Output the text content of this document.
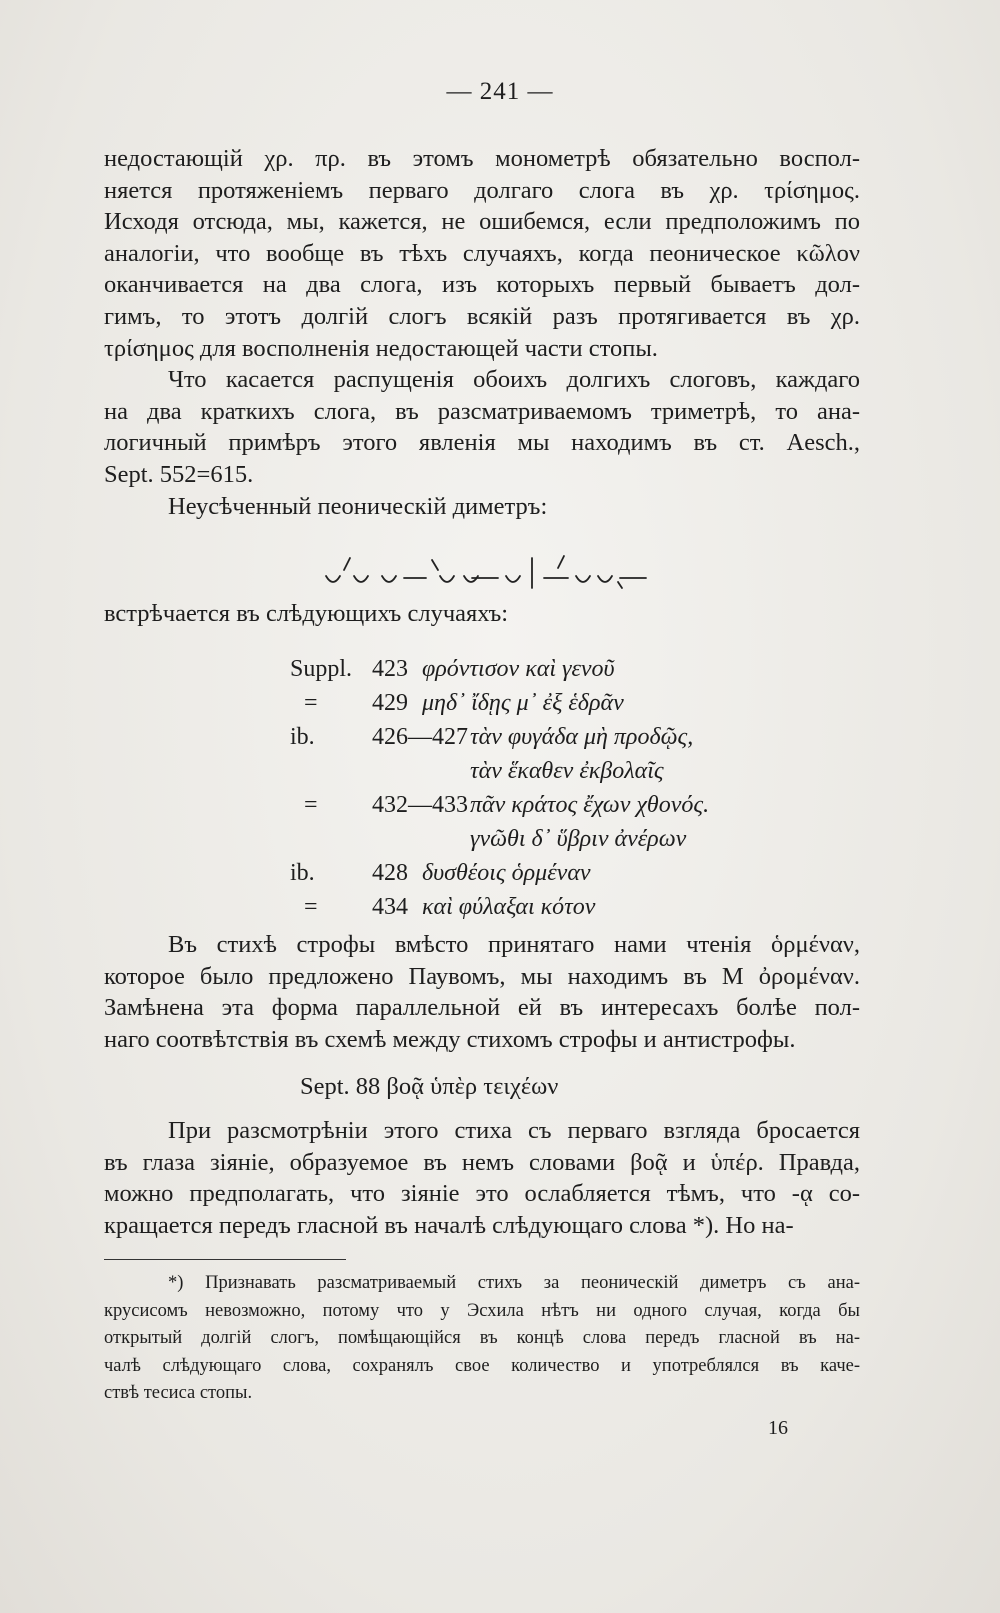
— 241 —

недостающій χρ. πρ. въ этомъ монометрѣ обязательно воспол-
няется протяженіемъ перваго долгаго слога въ χρ. τρίσημος.
Исходя отсюда, мы, кажется, не ошибемся, если предположимъ по
аналогіи, что вообще въ тѣхъ случаяхъ, когда пеоническое κῶλον
оканчивается на два слога, изъ которыхъ первый бываетъ дол-
гимъ, то этотъ долгій слогъ всякій разъ протягивается въ χρ.
τρίσημος для восполненія недостающей части стопы.

Что касается распущенія обоихъ долгихъ слоговъ, каждаго
на два краткихъ слога, въ разсматриваемомъ триметрѣ, то ана-
логичный примѣръ этого явленія мы находимъ въ ст. Aesch.,
Sept. 552=615.

Неусѣченный пеоническій диметръ:

встрѣчается въ слѣдующихъ случаяхъ:

Suppl. 423 φρόντισον καὶ γενοῦ
=	429 μηδ᾽ ἴδῃς μ᾽ ἐξ ἑδρᾶν
ib.	426—427 τὰν φυγάδα μὴ προδῷς,
τὰν ἕκαθεν ἐκβολαῖς
=	432—433 πᾶν κράτος ἔχων χθονός.
γνῶθι δ᾽ ὕβριν ἀνέρων
ib.	428 δυσθέοις ὁρμέναν
=	434 καὶ φύλαξαι κότον

Въ стихѣ строфы вмѣсто принятаго нами чтенія ὁρμέναν,
которое было предложено Паувомъ, мы находимъ въ M ὀρομέναν.
Замѣнена эта форма параллельной ей въ интересахъ болѣе пол-
наго соотвѣтствія въ схемѣ между стихомъ строфы и антистрофы.

Sept. 88 βοᾷ ὑπὲρ τειχέων

При разсмотрѣніи этого стиха съ перваго взгляда бросается
въ глаза зіяніе, образуемое въ немъ словами βοᾷ и ὑπέρ. Правда,
можно предполагать, что зіяніе это ослабляется тѣмъ, что -ᾳ со-
кращается передъ гласной въ началѣ слѣдующаго слова *). Но на-

*) Признавать разсматриваемый стихъ за пеоническій диметръ съ ана-
крусисомъ невозможно, потому что у Эсхила нѣтъ ни одного случая, когда бы
открытый долгій слогъ, помѣщающійся въ концѣ слова передъ гласной въ на-
чалѣ слѣдующаго слова, сохранялъ свое количество и употреблялся въ каче-
ствѣ тесиса стопы.
16
